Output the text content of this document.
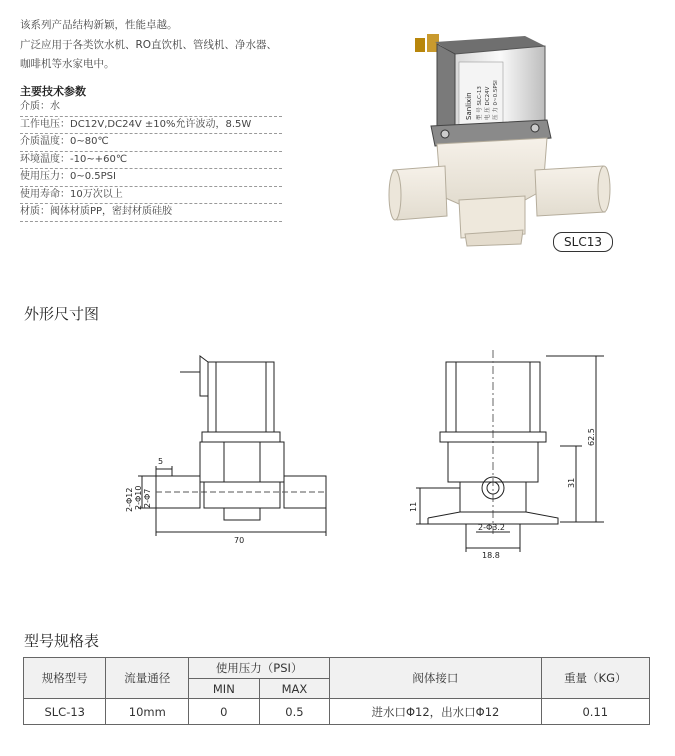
该系列产品结构新颖，性能卓越。
广泛应用于各类饮水机、RO直饮机、管线机、净水器、
咖啡机等水家电中。
主要技术参数
介质：水
工作电压：DC12V,DC24V ±10%允许波动，8.5W
介质温度：0~80℃
环境温度：-10~+60℃
使用压力：0~0.5PSI
使用寿命：10万次以上
材质：阀体材质PP，密封材质硅胶
Sanlixin 型 号 SLC-13 电 压 DC24V 压 力 0~0.5PSI
SLC13
外形尺寸图
5
2-Φ12 2-Φ10 2-Φ7
70
62.5
31
11
2-Φ3.2
18.8
型号规格表
规格型号	流量通径	使用压力（PSI）		阀体接口	重量（KG）
		MIN	MAX		
SLC-13	10mm	0	0.5	进水口Φ12，出水口Φ12	0.11
